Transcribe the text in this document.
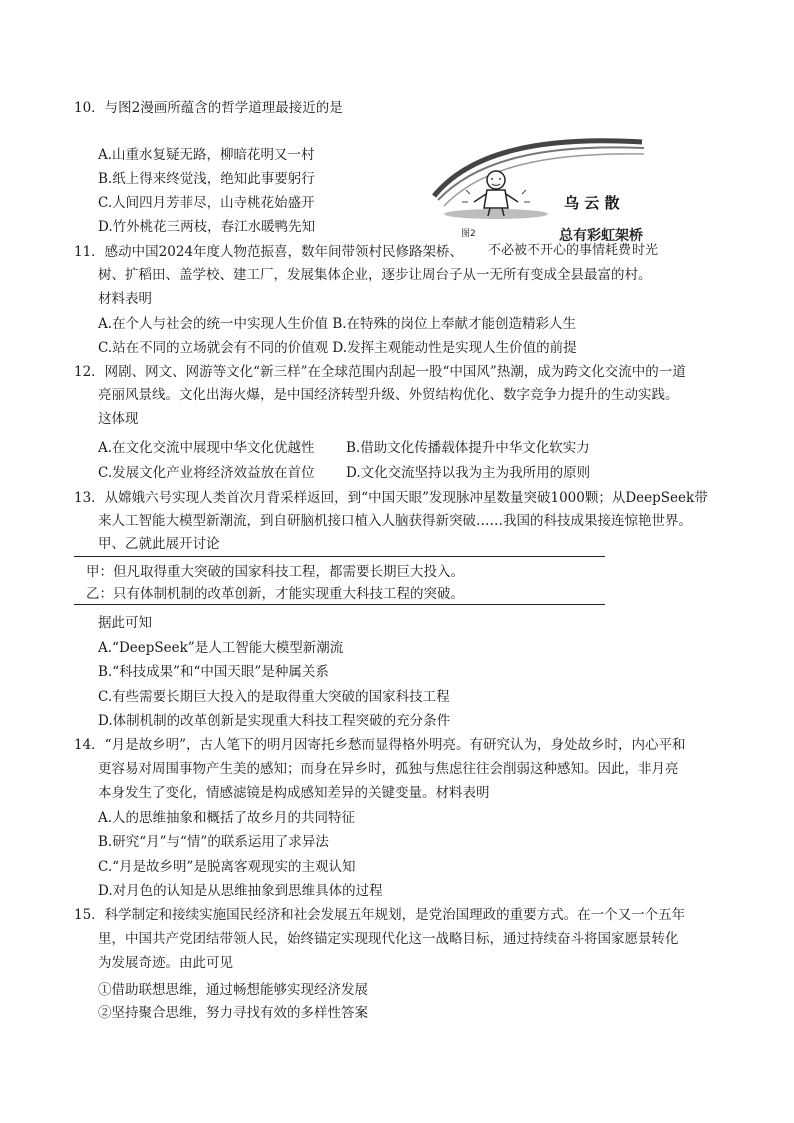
10．与图2漫画所蕴含的哲学道理最接近的是
A.山重水复疑无路，柳暗花明又一村
B.纸上得来终觉浅，绝知此事要躬行
C.人间四月芳菲尽，山寺桃花始盛开
D.竹外桃花三两枝，春江水暖鸭先知	图2
乌 云 散
总有彩虹架桥
11．感动中国2024年度人物范振喜，数年间带领村民修路架桥、 不必被不开心的事情耗费 时光
树、扩稻田、盖学校、建工厂，发展集体企业，逐步让周台子从一无所有变成全县最富的村。
材料表明
A.在个人与社会的统一中实现人生价值 B.在特殊的岗位上奉献才能创造精彩人生
C.站在不同的立场就会有不同的价值观 D.发挥主观能动性是实现人生价值的前提
12．网剧、网文、网游等文化“新三样”在全球范围内刮起一股“中国风”热潮，成为跨文化交流中的一道
亮丽风景线。文化出海火爆，是中国经济转型升级、外贸结构优化、数字竞争力提升的生动实践。
这体现
A.在文化交流中展现中华文化优越性 B.借助文化传播载体提升中华文化软实力
C.发展文化产业将经济效益放在首位 D.文化交流坚持以我为主为我所用的原则
13．从嫦娥六号实现人类首次月背采样返回，到“中国天眼”发现脉冲星数量突破1000颗；从DeepSeek带
来人工智能大模型新潮流，到自研脑机接口植入人脑获得新突破……我国的科技成果接连惊艳世界。
甲、乙就此展开讨论
甲：但凡取得重大突破的国家科技工程，都需要长期巨大投入。
乙：只有体制机制的改革创新，才能实现重大科技工程的突破。
据此可知
A.“DeepSeek”是人工智能大模型新潮流
B.“科技成果”和“中国天眼”是种属关系
C.有些需要长期巨大投入的是取得重大突破的国家科技工程
D.体制机制的改革创新是实现重大科技工程突破的充分条件
14．“月是故乡明”，古人笔下的明月因寄托乡愁而显得格外明亮。有研究认为，身处故乡时，内心平和
更容易对周围事物产生美的感知；而身在异乡时，孤独与焦虑往往会削弱这种感知。因此，非月亮
本身发生了变化，情感滤镜是构成感知差异的关键变量。材料表明
A.人的思维抽象和概括了故乡月的共同特征
B.研究“月”与“情”的联系运用了求异法
C.“月是故乡明”是脱离客观现实的主观认知
D.对月色的认知是从思维抽象到思维具体的过程
15．科学制定和接续实施国民经济和社会发展五年规划，是党治国理政的重要方式。在一个又一个五年
里，中国共产党团结带领人民，始终锚定实现现代化这一战略目标，通过持续奋斗将国家愿景转化
为发展奇迹。由此可见
①借助联想思维，通过畅想能够实现经济发展
②坚持聚合思维，努力寻找有效的多样性答案
